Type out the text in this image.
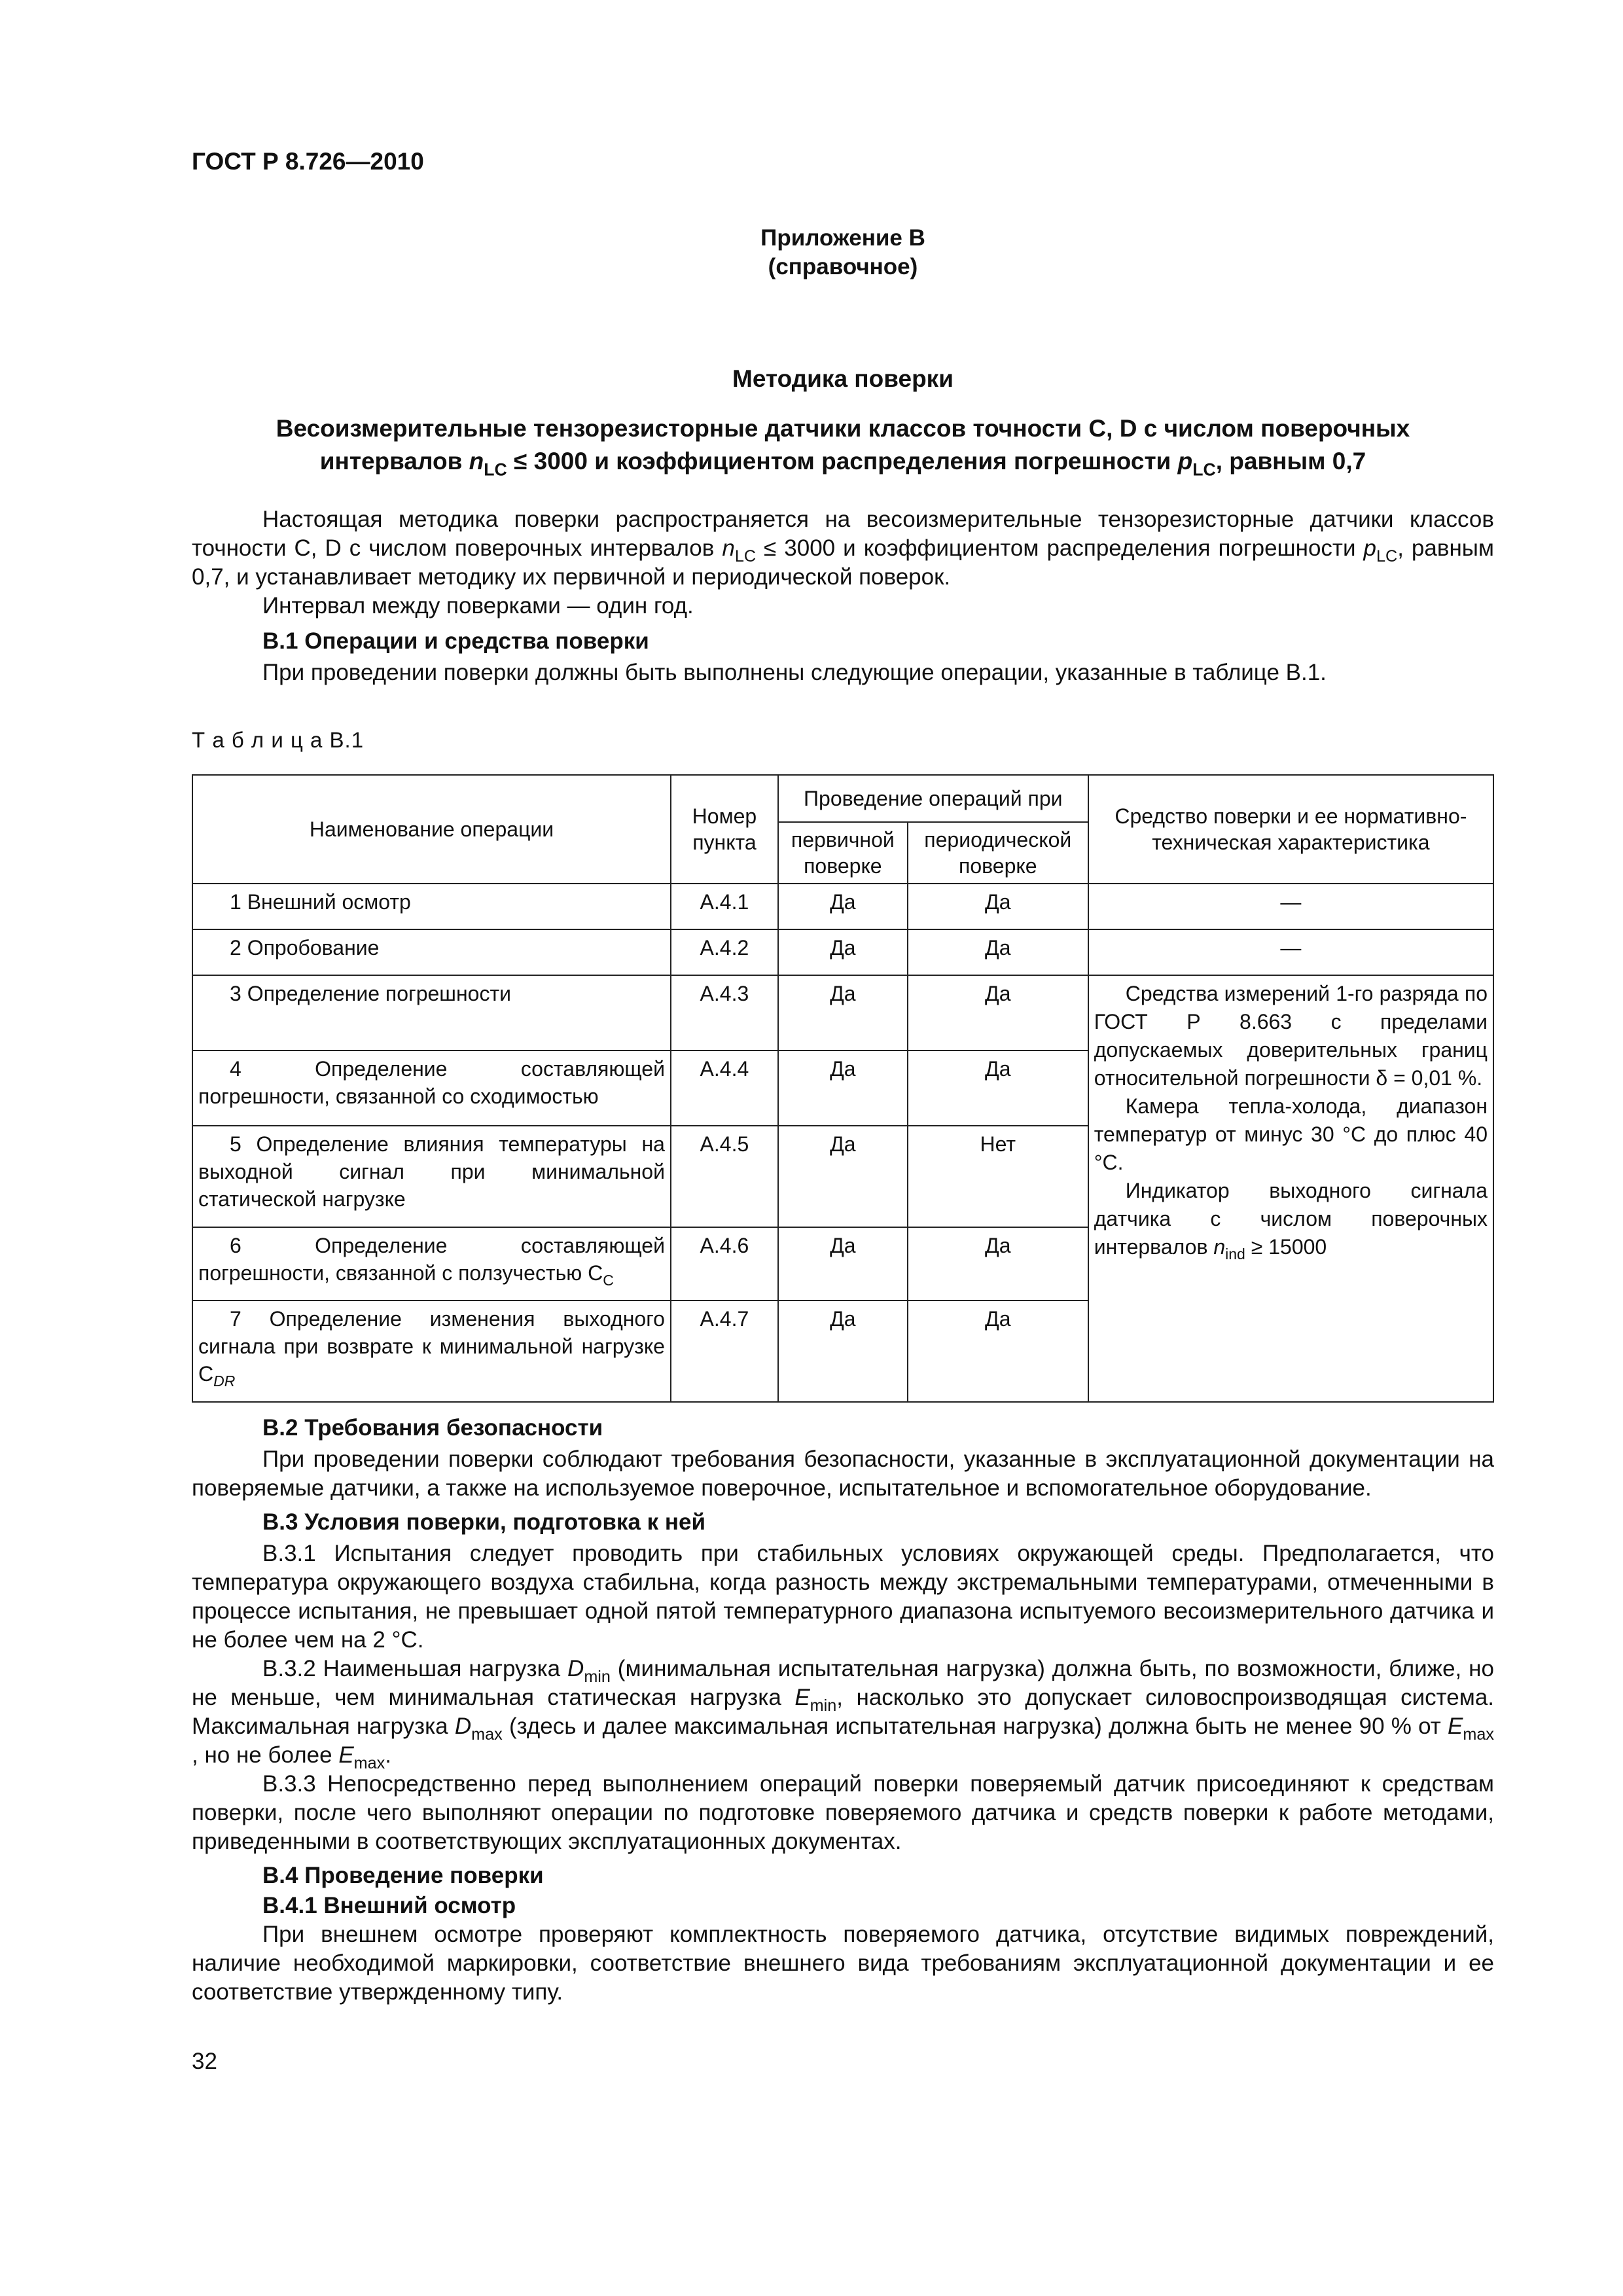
ГОСТ Р 8.726—2010
Приложение В
(справочное)
Методика поверки
Весоизмерительные тензорезисторные датчики классов точности С, D с числом поверочных
интервалов $n_{LC} \le 3000$ и коэффициентом распределения погрешности $p_{LC}$, равным 0,7
Настоящая методика поверки распространяется на весоизмерительные тензорезисторные датчики классов точности С, D с числом поверочных интервалов $n_{LC} \le 3000$ и коэффициентом распределения погрешности $p_{LC}$, равным 0,7, и устанавливает методику их первичной и периодической поверок.
Интервал между поверками — один год.
В.1 Операции и средства поверки
При проведении поверки должны быть выполнены следующие операции, указанные в таблице В.1.
Т а б л и ц а В.1
Наименование операции	Номер пункта	Проведение операций при		Средство поверки и ее нормативно-техническая характеристика
		первичной поверке	периодической поверке	
1 Внешний осмотр	А.4.1	Да	Да	—
2 Опробование	А.4.2	Да	Да	—
3 Определение погрешности	А.4.3	Да	Да	Средства измерений 1-го разряда по ГОСТ Р 8.663 с пределами допускаемых доверительных границ относительной погрешности δ = 0,01 %.
Камера тепла-холода, диапазон температур от минус 30 °С до плюс 40 °С.
Индикатор выходного сигнала датчика с числом поверочных интервалов $n_{ind} \ge 15000$

4 Определение составляющей погрешности, связанной со сходимостью	А.4.4	Да	Да	
5 Определение влияния температуры на выходной сигнал при минимальной статической нагрузке	А.4.5	Да	Нет	
6 Определение составляющей погрешности, связанной с ползучестью $C_C$	А.4.6	Да	Да	
7 Определение изменения выходного сигнала при возврате к минимальной нагрузке $C_{DR}$	А.4.7	Да	Да	
В.2 Требования безопасности
При проведении поверки соблюдают требования безопасности, указанные в эксплуатационной документации на поверяемые датчики, а также на используемое поверочное, испытательное и вспомогательное оборудование.
В.3 Условия поверки, подготовка к ней
В.3.1 Испытания следует проводить при стабильных условиях окружающей среды. Предполагается, что температура окружающего воздуха стабильна, когда разность между экстремальными температурами, отмеченными в процессе испытания, не превышает одной пятой температурного диапазона испытуемого весоизмерительного датчика и не более чем на 2 °С.
В.3.2 Наименьшая нагрузка $D_{min}$ (минимальная испытательная нагрузка) должна быть, по возможности, ближе, но не меньше, чем минимальная статическая нагрузка $E_{min}$, насколько это допускает силовоспроизводящая система. Максимальная нагрузка $D_{max}$ (здесь и далее максимальная испытательная нагрузка) должна быть не менее 90 % от $E_{max}$ , но не более $E_{max}$.
В.3.3 Непосредственно перед выполнением операций поверки поверяемый датчик присоединяют к средствам поверки, после чего выполняют операции по подготовке поверяемого датчика и средств поверки к работе методами, приведенными в соответствующих эксплуатационных документах.
В.4 Проведение поверки
В.4.1 Внешний осмотр
При внешнем осмотре проверяют комплектность поверяемого датчика, отсутствие видимых повреждений, наличие необходимой маркировки, соответствие внешнего вида требованиям эксплуатационной документации и ее соответствие утвержденному типу.
32
